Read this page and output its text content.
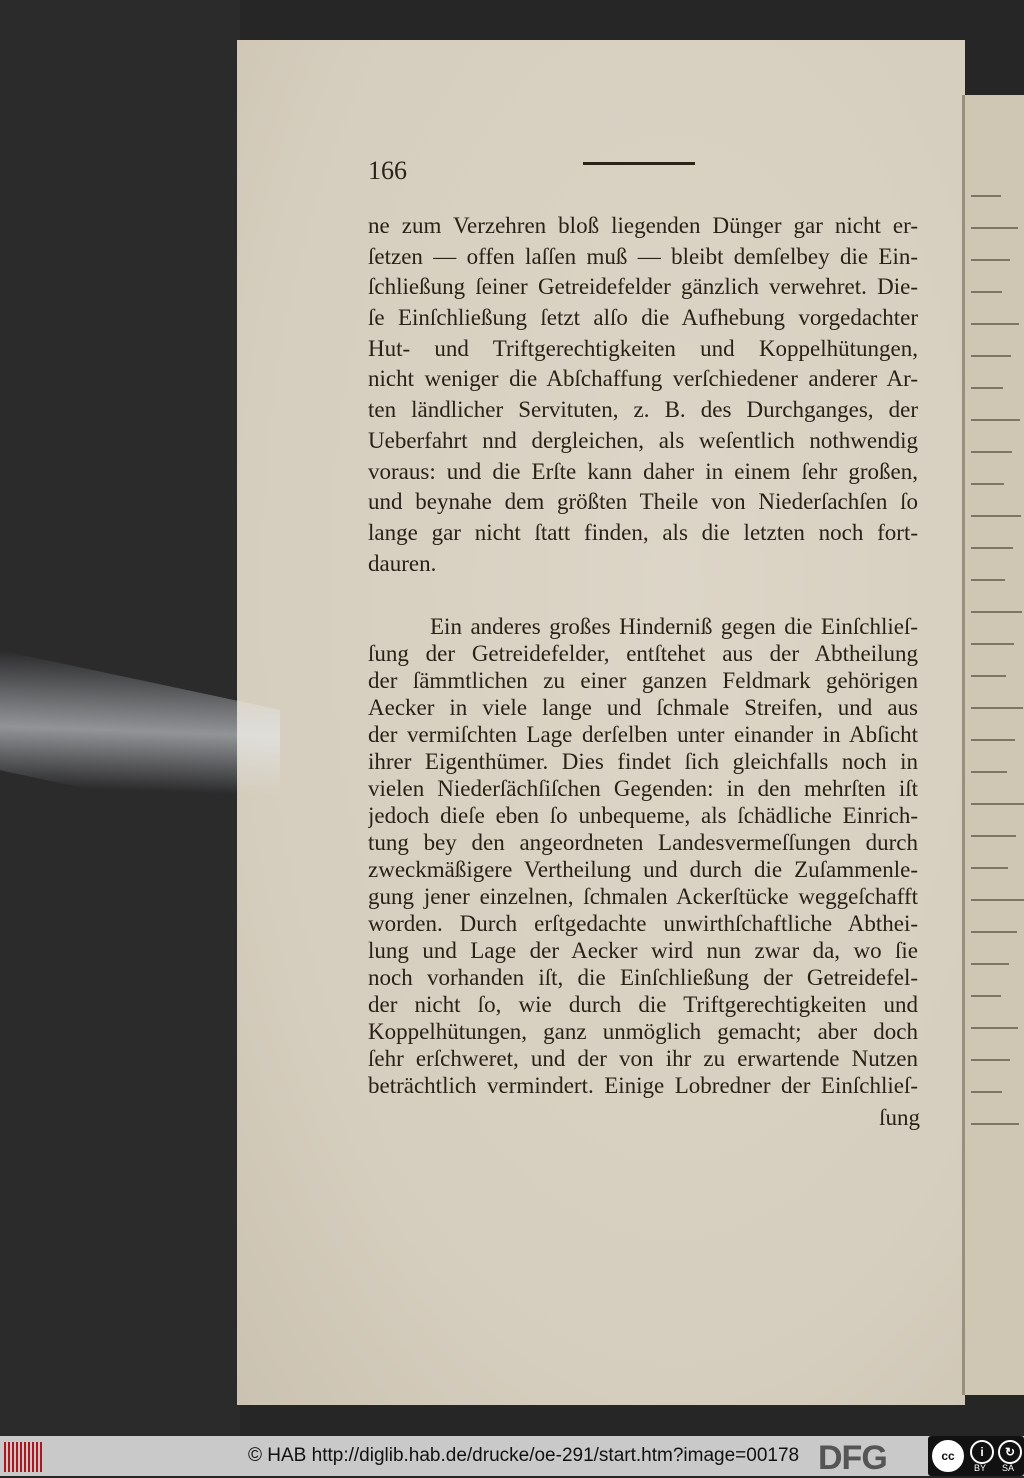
166
ne zum Verzehren bloß liegenden Dünger gar nicht er-
ſetzen — offen laſſen muß — bleibt demſelbey die Ein-
ſchließung ſeiner Getreidefelder gänzlich verwehret. Die-
ſe Einſchließung ſetzt alſo die Aufhebung vorgedachter
Hut- und Triftgerechtigkeiten und Koppelhütungen,
nicht weniger die Abſchaffung verſchiedener anderer Ar-
ten ländlicher Servituten, z. B. des Durchganges, der
Ueberfahrt nnd dergleichen, als weſentlich nothwendig
voraus: und die Erſte kann daher in einem ſehr großen,
und beynahe dem größten Theile von Niederſachſen ſo
lange gar nicht ſtatt finden, als die letzten noch fort-
dauren.
Ein anderes großes Hinderniß gegen die Einſchlieſ-
ſung der Getreidefelder, entſtehet aus der Abtheilung
der ſämmtlichen zu einer ganzen Feldmark gehörigen
Aecker in viele lange und ſchmale Streifen, und aus
der vermiſchten Lage derſelben unter einander in Abſicht
ihrer Eigenthümer. Dies findet ſich gleichfalls noch in
vielen Niederſächſiſchen Gegenden: in den mehrſten iſt
jedoch dieſe eben ſo unbequeme, als ſchädliche Einrich-
tung bey den angeordneten Landesvermeſſungen durch
zweckmäßigere Vertheilung und durch die Zuſammenle-
gung jener einzelnen, ſchmalen Ackerſtücke weggeſchafft
worden. Durch erſtgedachte unwirthſchaftliche Abthei-
lung und Lage der Aecker wird nun zwar da, wo ſie
noch vorhanden iſt, die Einſchließung der Getreidefel-
der nicht ſo, wie durch die Triftgerechtigkeiten und
Koppelhütungen, ganz unmöglich gemacht; aber doch
ſehr erſchweret, und der von ihr zu erwartende Nutzen
beträchtlich vermindert. Einige Lobredner der Einſchlieſ-
ſung
© HAB http://diglib.hab.de/drucke/oe-291/start.htm?image=00178 DFG	cc	i	↻
BY SA
